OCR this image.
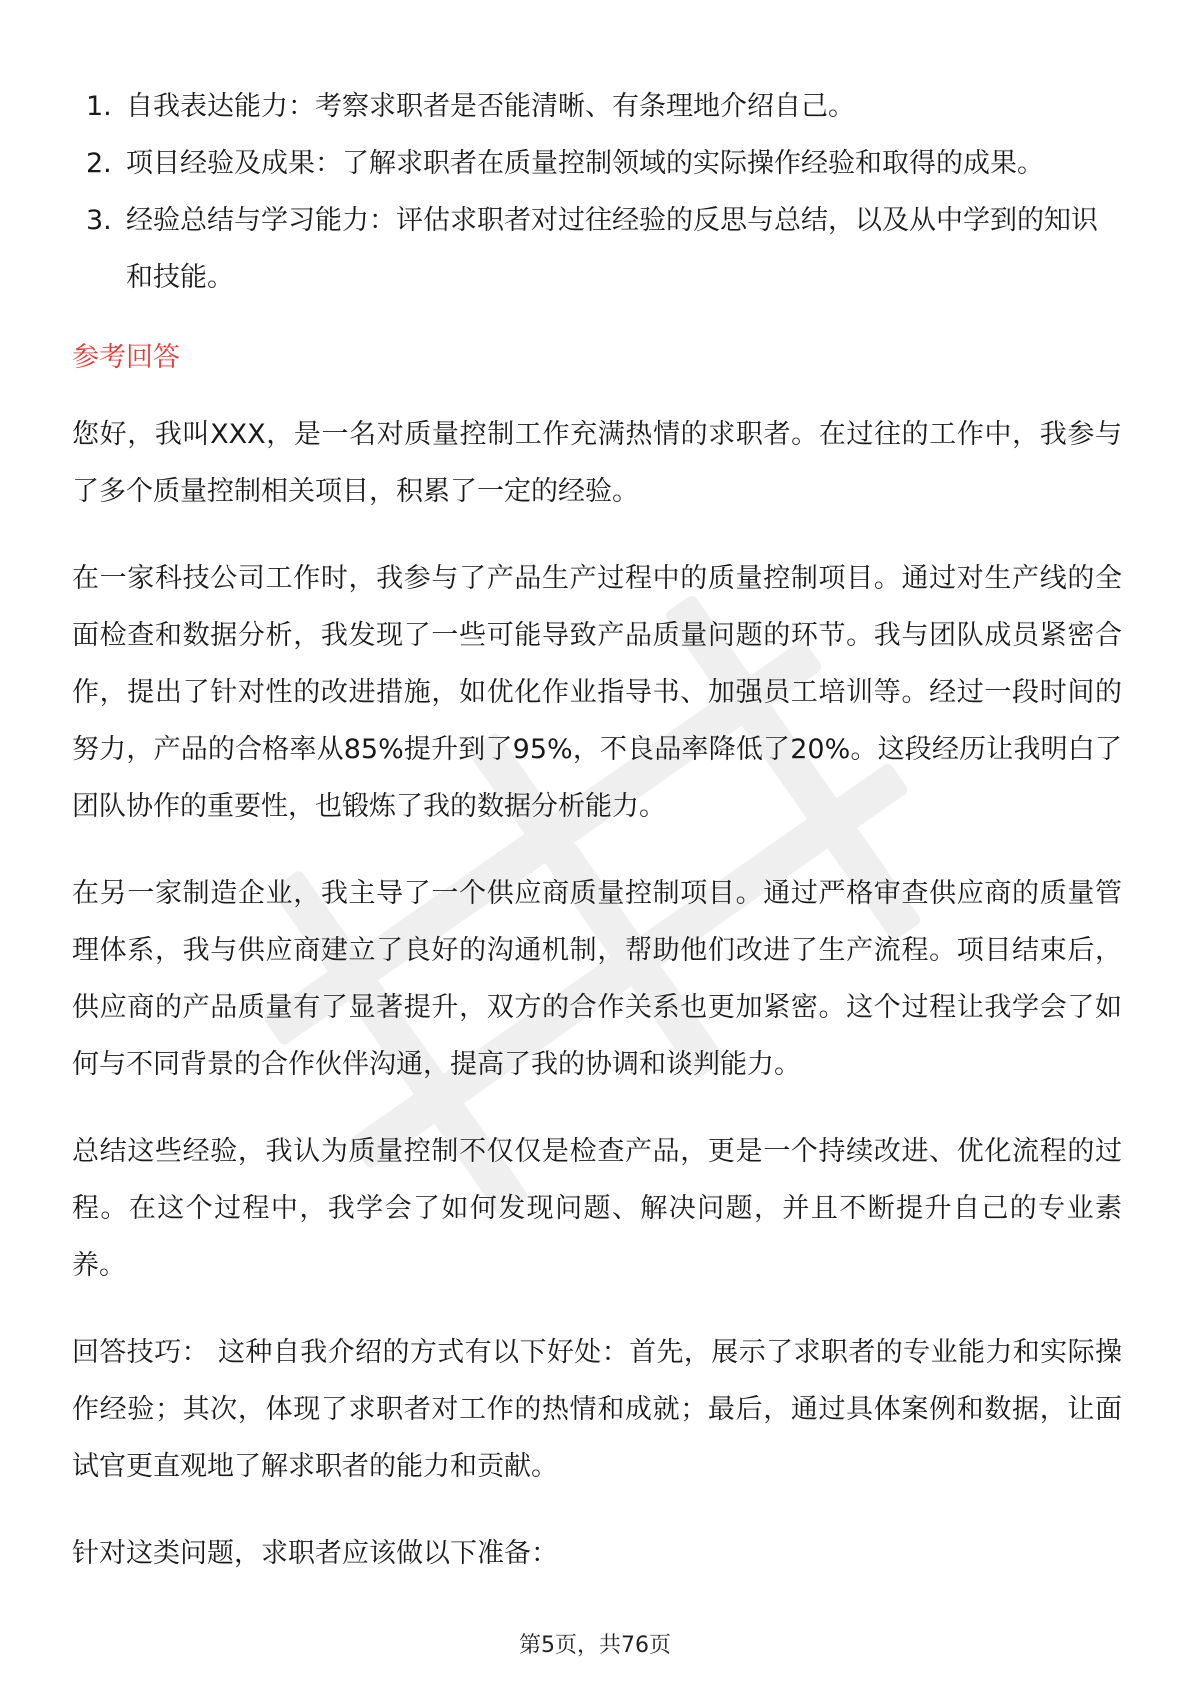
1. 自我表达能力：考察求职者是否能清晰、有条理地介绍自己。
2. 项目经验及成果：了解求职者在质量控制领域的实际操作经验和取得的成果。
3. 经验总结与学习能力：评估求职者对过往经验的反思与总结，以及从中学到的知识和技能。
参考回答

您好，我叫XXX，是一名对质量控制工作充满热情的求职者。在过往的工作中，我参与了多个质量控制相关项目，积累了一定的经验。

在一家科技公司工作时，我参与了产品生产过程中的质量控制项目。通过对生产线的全面检查和数据分析，我发现了一些可能导致产品质量问题的环节。我与团队成员紧密合作，提出了针对性的改进措施，如优化作业指导书、加强员工培训等。经过一段时间的努力，产品的合格率从85%提升到了95%，不良品率降低了20%。这段经历让我明白了团队协作的重要性，也锻炼了我的数据分析能力。

在另一家制造企业，我主导了一个供应商质量控制项目。通过严格审查供应商的质量管理体系，我与供应商建立了良好的沟通机制，帮助他们改进了生产流程。项目结束后，供应商的产品质量有了显著提升，双方的合作关系也更加紧密。这个过程让我学会了如何与不同背景的合作伙伴沟通，提高了我的协调和谈判能力。

总结这些经验，我认为质量控制不仅仅是检查产品，更是一个持续改进、优化流程的过程。在这个过程中，我学会了如何发现问题、解决问题，并且不断提升自己的专业素养。

回答技巧： 这种自我介绍的方式有以下好处：首先，展示了求职者的专业能力和实际操作经验；其次，体现了求职者对工作的热情和成就；最后，通过具体案例和数据，让面试官更直观地了解求职者的能力和贡献。

针对这类问题，求职者应该做以下准备：

第5页，共76页
